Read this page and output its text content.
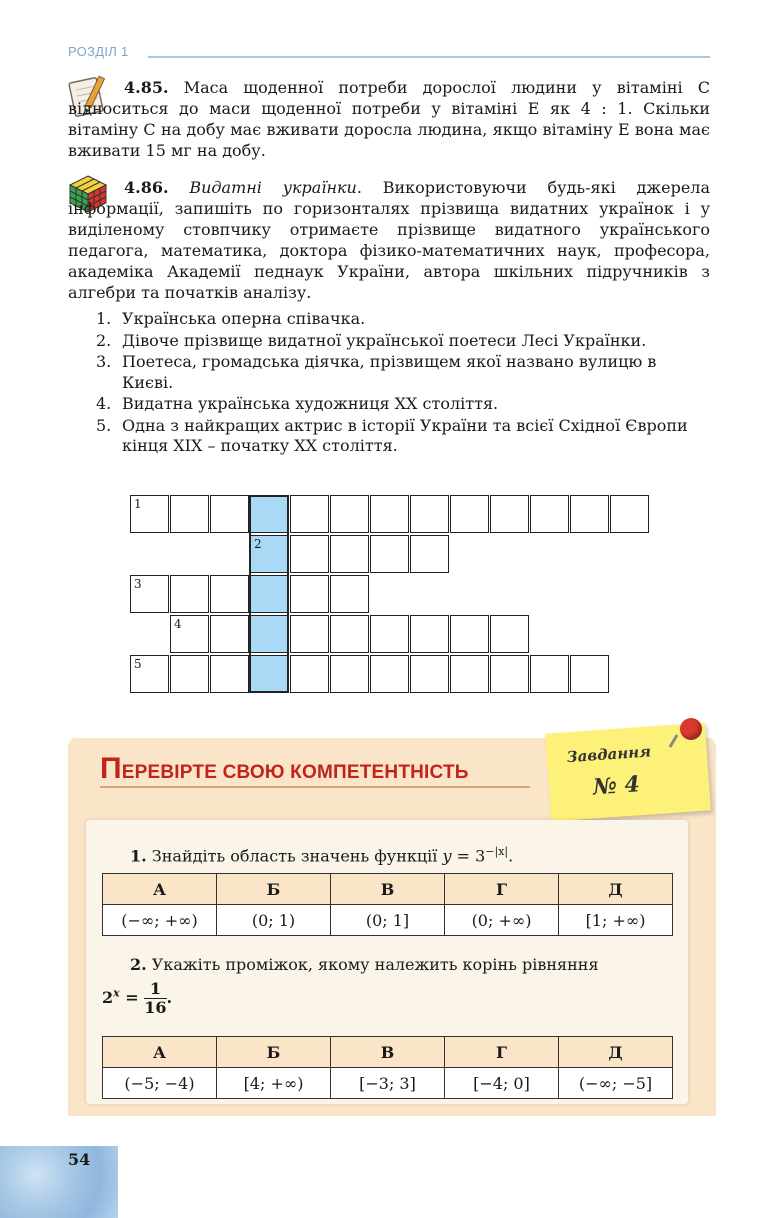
РОЗДІЛ 1

4.85. Маса щоденної потреби дорослої людини у вітаміні С відноситься до маси щоденної потреби у вітаміні Е як 4 : 1. Скільки вітаміну С на добу має вживати доросла людина, якщо вітаміну Е вона має вживати 15 мг на добу.

4.86. Видатні українки. Використовуючи будь-які джерела інформації, запишіть по горизонталях прізвища видатних українок і у виділеному стовпчику отримаєте прізвище видатного українського педагога, математика, доктора фізико-математичних наук, професора, академіка Академії педнаук України, автора шкільних підручників з алгебри та початків аналізу.

1. Українська оперна співачка.
2. Дівоче прізвище видатної української поетеси Лесі Українки.
3. Поетеса, громадська діячка, прізвищем якої названо вулицю в Києві.
4. Видатна українська художниця XX століття.
5. Одна з найкращих актрис в історії України та всієї Східної Європи кінця XIX – початку XX століття.
1
2
3
4
5
ПЕРЕВІРТЕ СВОЮ КОМПЕТЕНТНІСТЬ
Завдання
№ 4
1. Знайдіть область значень функції $y = 3^{-|x|}$.
А	Б	В	Г	Д
(−∞; +∞)	(0; 1)	(0; 1]	(0; +∞)	[1; +∞)
2. Укажіть проміжок, якому належить корінь рівняння
$2^x = \frac{1}{16}$ .
А	Б	В	Г	Д
(−5; −4)	[4; +∞)	[−3; 3]	[−4; 0]	(−∞; −5]
54
